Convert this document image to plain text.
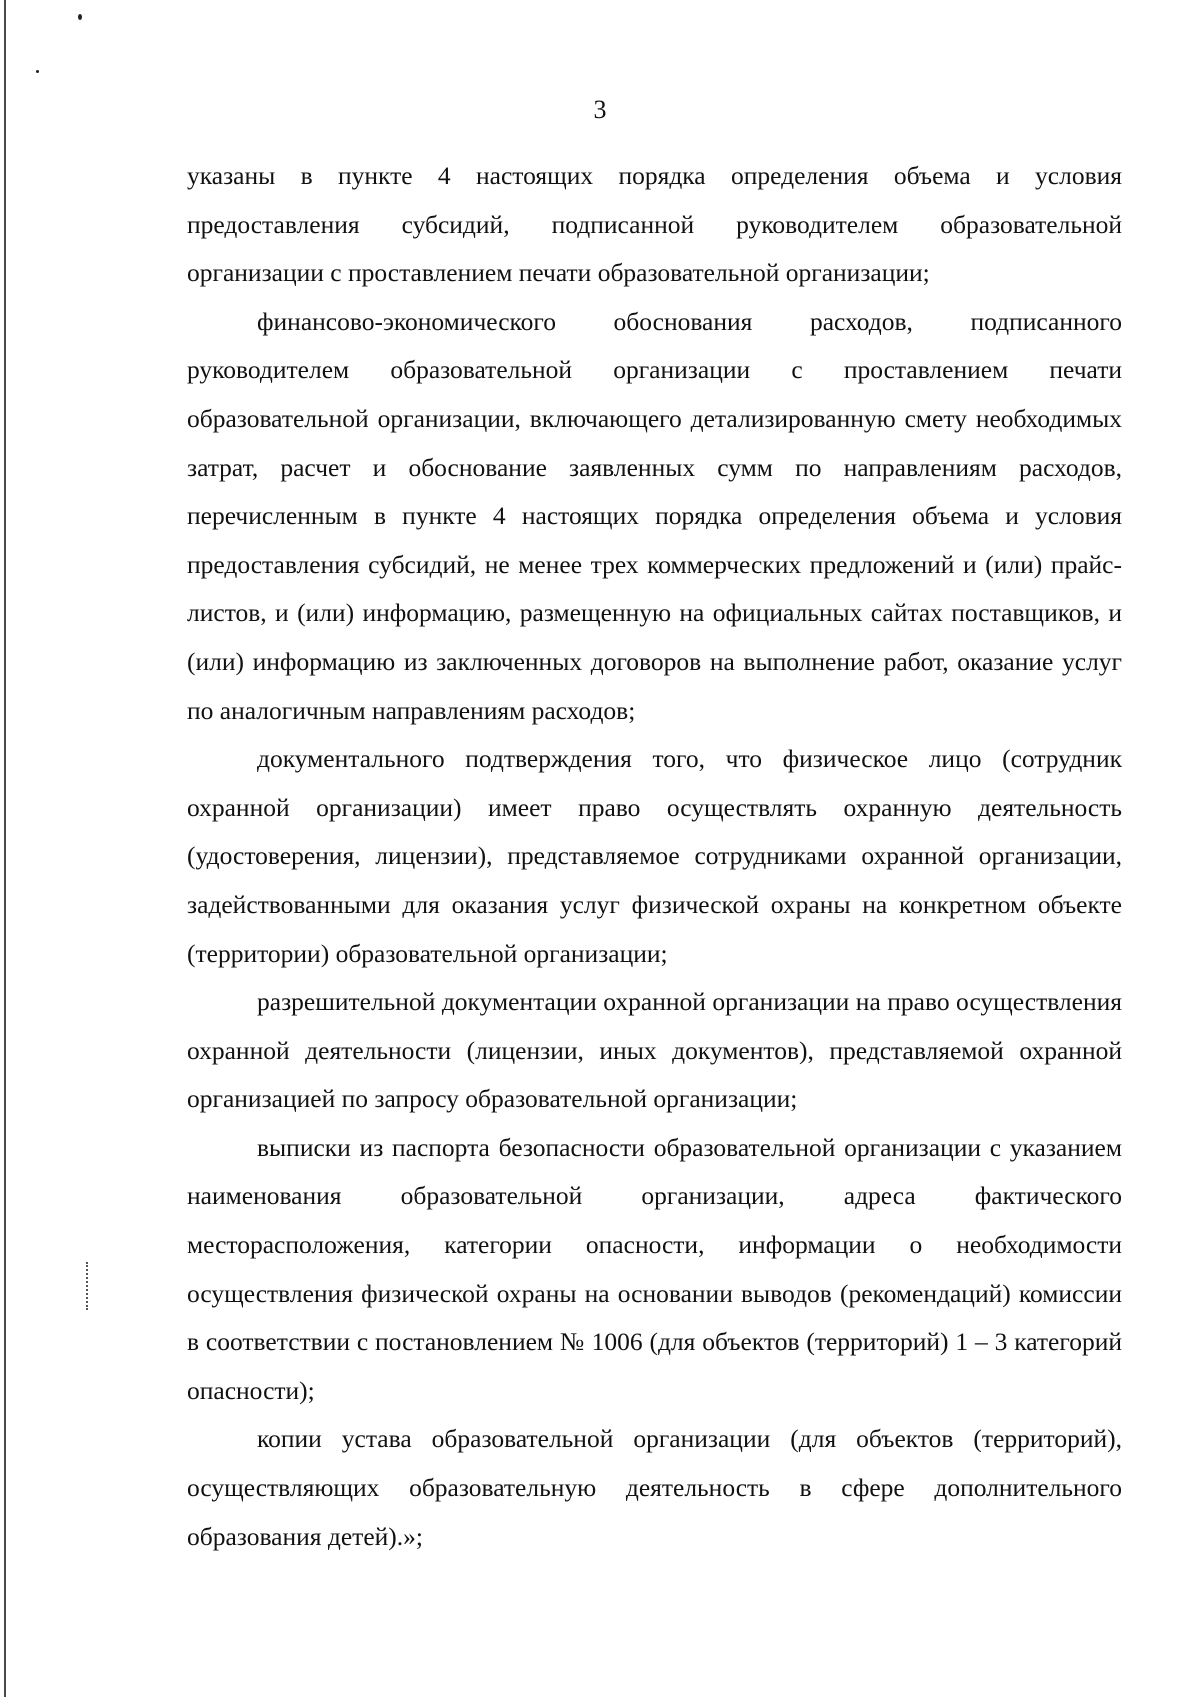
3

указаны в пункте 4 настоящих порядка определения объема и условия предоставления субсидий, подписанной руководителем образовательной организации с проставлением печати образовательной организации;

финансово-экономического обоснования расходов, подписанного руководителем образовательной организации с проставлением печати образовательной организации, включающего детализированную смету необходимых затрат, расчет и обоснование заявленных сумм по направлениям расходов, перечисленным в пункте 4 настоящих порядка определения объема и условия предоставления субсидий, не менее трех коммерческих предложений и (или) прайс-листов, и (или) информацию, размещенную на официальных сайтах поставщиков, и (или) информацию из заключенных договоров на выполнение работ, оказание услуг по аналогичным направлениям расходов;

документального подтверждения того, что физическое лицо (сотрудник охранной организации) имеет право осуществлять охранную деятельность (удостоверения, лицензии), представляемое сотрудниками охранной организации, задействованными для оказания услуг физической охраны на конкретном объекте (территории) образовательной организации;

разрешительной документации охранной организации на право осуществления охранной деятельности (лицензии, иных документов), представляемой охранной организацией по запросу образовательной организации;

выписки из паспорта безопасности образовательной организации с указанием наименования образовательной организации, адреса фактического месторасположения, категории опасности, информации о необходимости осуществления физической охраны на основании выводов (рекомендаций) комиссии в соответствии с постановлением № 1006 (для объектов (территорий) 1 – 3 категорий опасности);

копии устава образовательной организации (для объектов (территорий), осуществляющих образовательную деятельность в сфере дополнительного образования детей).»;
